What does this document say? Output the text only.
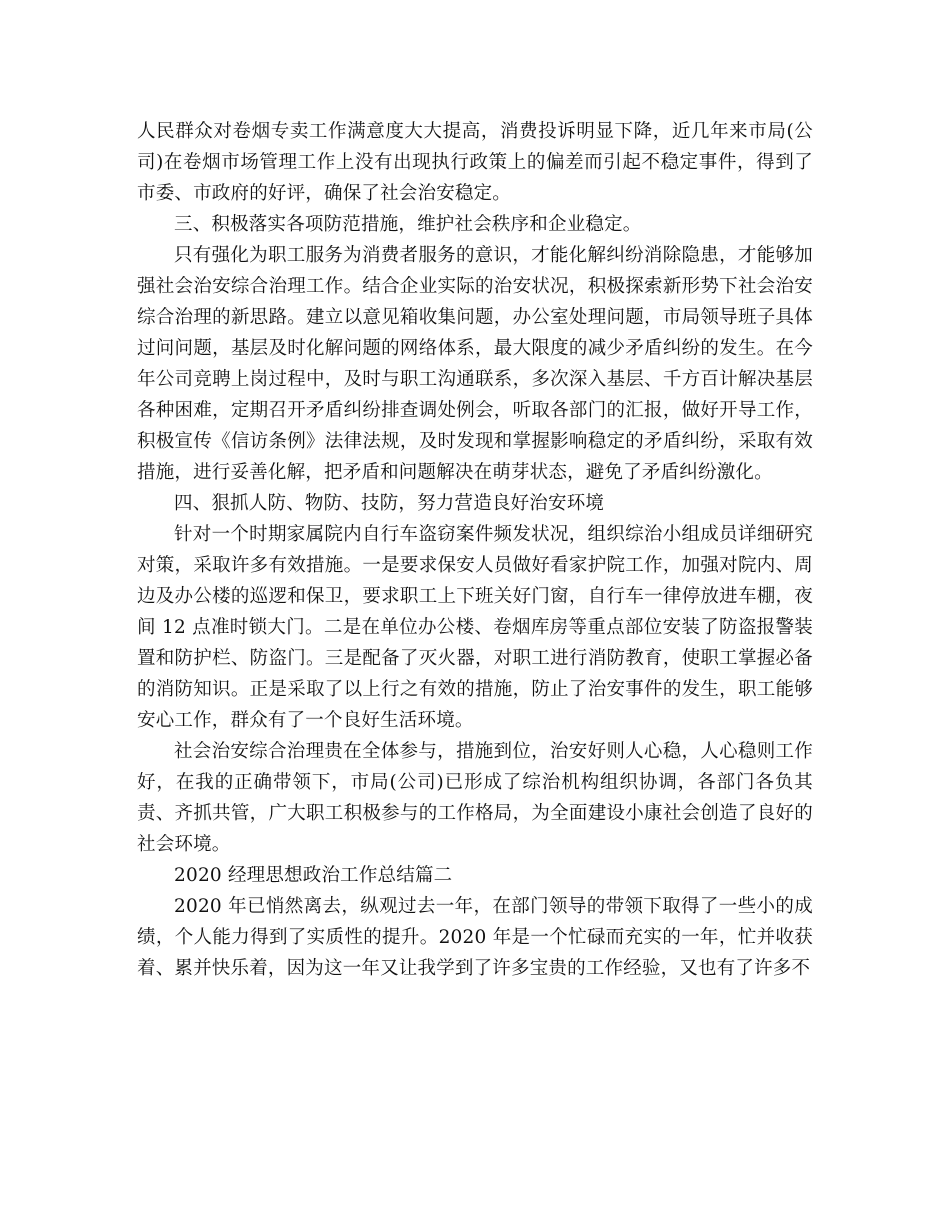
人民群众对卷烟专卖工作满意度大大提高，消费投诉明显下降，近几年来市局(公司)在卷烟市场管理工作上没有出现执行政策上的偏差而引起不稳定事件，得到了市委、市政府的好评，确保了社会治安稳定。

三、积极落实各项防范措施，维护社会秩序和企业稳定。

只有强化为职工服务为消费者服务的意识，才能化解纠纷消除隐患，才能够加强社会治安综合治理工作。结合企业实际的治安状况，积极探索新形势下社会治安综合治理的新思路。建立以意见箱收集问题，办公室处理问题，市局领导班子具体过问问题，基层及时化解问题的网络体系，最大限度的减少矛盾纠纷的发生。在今年公司竞聘上岗过程中，及时与职工沟通联系，多次深入基层、千方百计解决基层各种困难，定期召开矛盾纠纷排查调处例会，听取各部门的汇报，做好开导工作，积极宣传《信访条例》法律法规，及时发现和掌握影响稳定的矛盾纠纷，采取有效措施，进行妥善化解，把矛盾和问题解决在萌芽状态，避免了矛盾纠纷激化。

四、狠抓人防、物防、技防，努力营造良好治安环境

针对一个时期家属院内自行车盗窃案件频发状况，组织综治小组成员详细研究对策，采取许多有效措施。一是要求保安人员做好看家护院工作，加强对院内、周边及办公楼的巡逻和保卫，要求职工上下班关好门窗，自行车一律停放进车棚，夜间 12 点准时锁大门。二是在单位办公楼、卷烟库房等重点部位安装了防盗报警装置和防护栏、防盗门。三是配备了灭火器，对职工进行消防教育，使职工掌握必备的消防知识。正是采取了以上行之有效的措施，防止了治安事件的发生，职工能够安心工作，群众有了一个良好生活环境。

社会治安综合治理贵在全体参与，措施到位，治安好则人心稳，人心稳则工作好，在我的正确带领下，市局(公司)已形成了综治机构组织协调，各部门各负其责、齐抓共管，广大职工积极参与的工作格局，为全面建设小康社会创造了良好的社会环境。

2020 经理思想政治工作总结篇二

2020 年已悄然离去，纵观过去一年，在部门领导的带领下取得了一些小的成绩，个人能力得到了实质性的提升。2020 年是一个忙碌而充实的一年，忙并收获着、累并快乐着，因为这一年又让我学到了许多宝贵的工作经验，又也有了许多不
